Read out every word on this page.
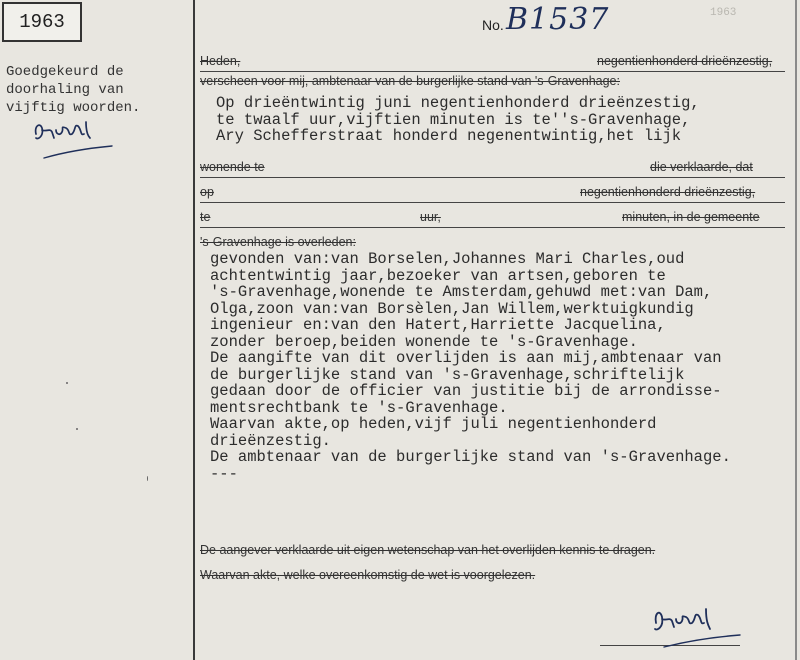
1963
Goedgekeurd de
doorhaling van
vijftig woorden.
1963
No. B1537
Heden,	negentienhonderd drieënzestig,
verscheen voor mij, ambtenaar van de burgerlijke stand van 's-Gravenhage:
Op drieëntwintig juni negentienhonderd drieënzestig,
te twaalf uur,vijftien minuten is te''s-Gravenhage,
Ary Schefferstraat honderd negenentwintig,het lijk
wonende te	die verklaarde, dat
op	negentienhonderd drieënzestig,
te	uur,	minuten, in de gemeente
's-Gravenhage is overleden:
gevonden van:van Borselen,Johannes Mari Charles,oud
achtentwintig jaar,bezoeker van artsen,geboren te
's-Gravenhage,wonende te Amsterdam,gehuwd met:van Dam,
Olga,zoon van:van Borsèlen,Jan Willem,werktuigkundig
ingenieur en:van den Hatert,Harriette Jacquelina,
zonder beroep,beiden wonende te 's-Gravenhage.
De aangifte van dit overlijden is aan mij,ambtenaar van
de burgerlijke stand van 's-Gravenhage,schriftelijk
gedaan door de officier van justitie bij de arrondisse-
mentsrechtbank te 's-Gravenhage.
Waarvan akte,op heden,vijf juli negentienhonderd
drieënzestig.
De ambtenaar van de burgerlijke stand van 's-Gravenhage.
---
De aangever verklaarde uit eigen wetenschap van het overlijden kennis te dragen.
Waarvan akte, welke overeenkomstig de wet is voorgelezen.
